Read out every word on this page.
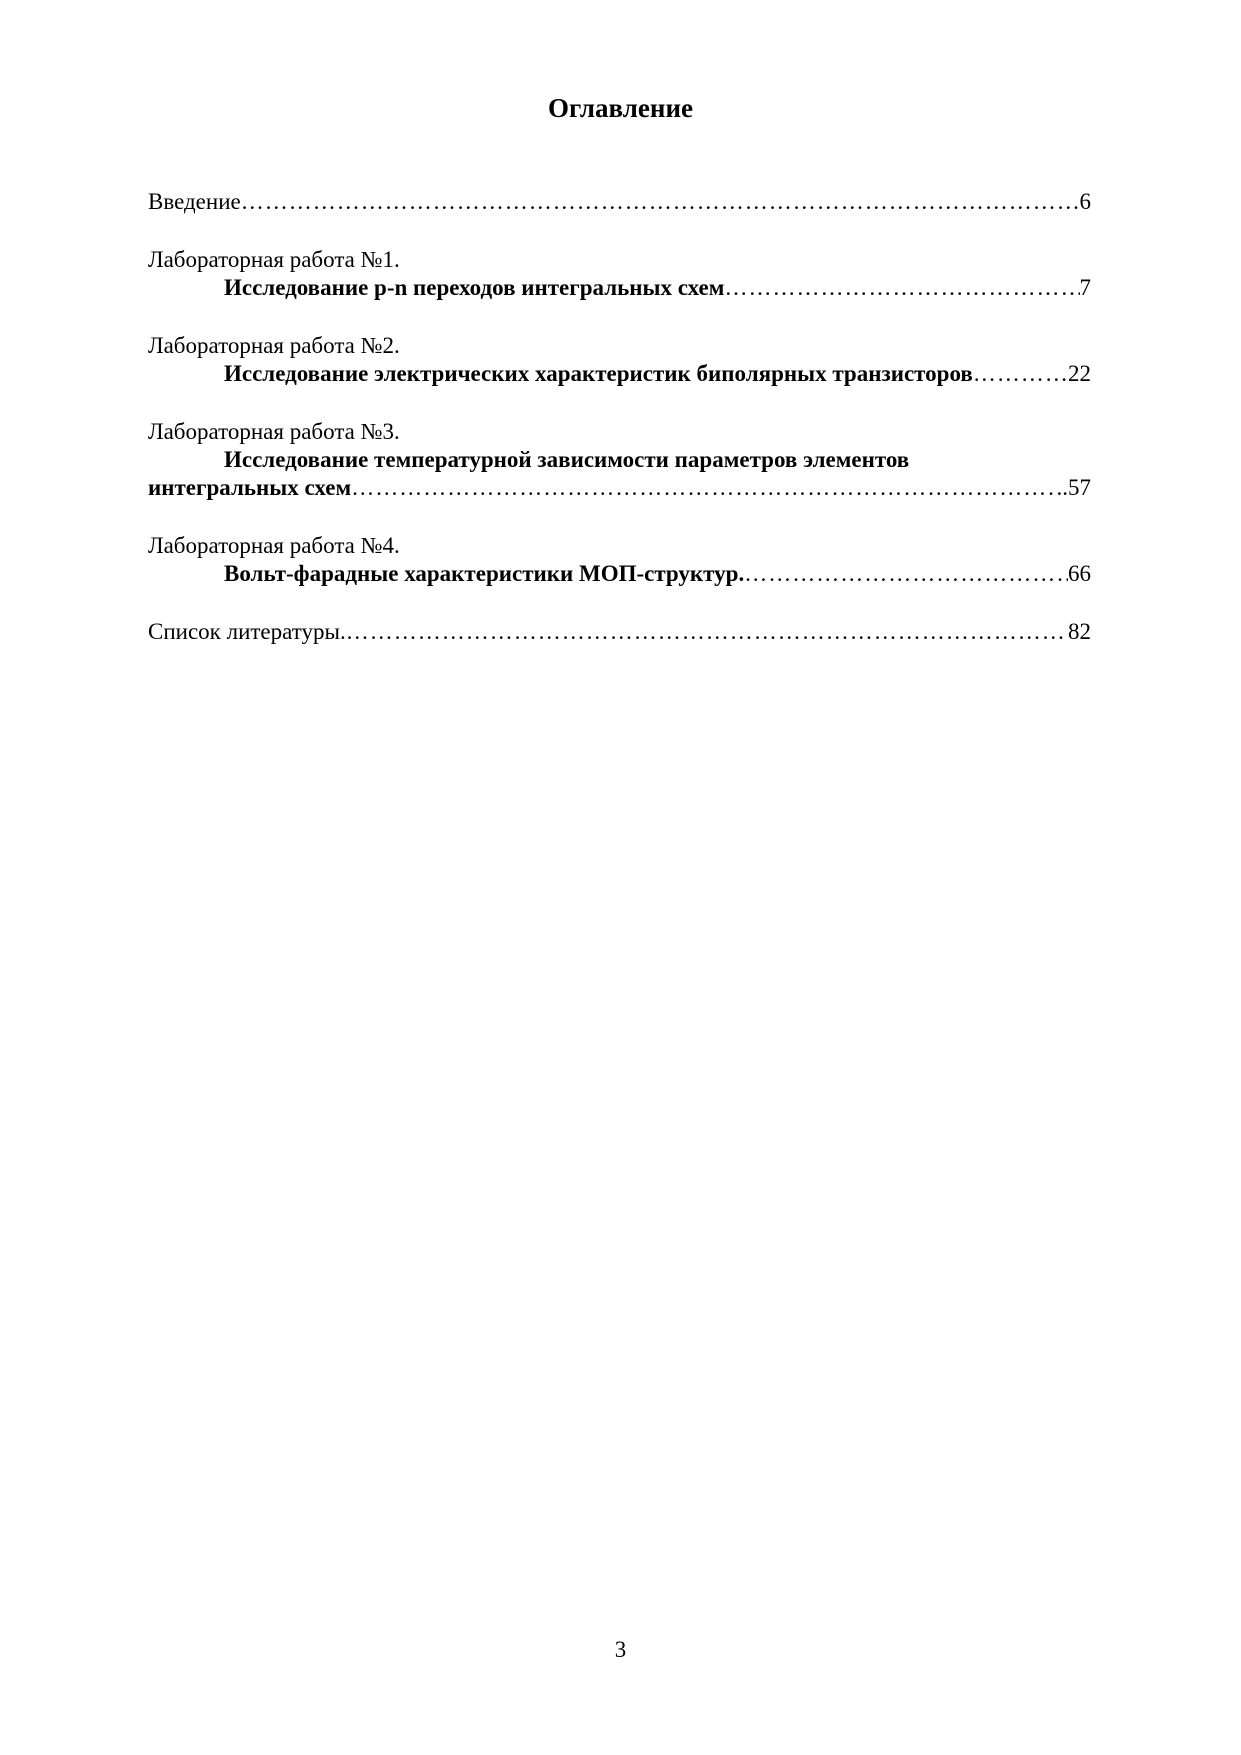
Оглавление
Введение …………………………………………………………………………………………………………………………………………………………	6
Лабораторная работа №1.
Исследование p-n переходов интегральных схем …………………………………………………………………………………………………………………………………………………………	7
Лабораторная работа №2.
Исследование электрических характеристик биполярных транзисторов …………………………………………………………………………………………………………………………………………………………	22
Лабораторная работа №3.
Исследование температурной зависимости параметров элементов
интегральных схем …………………………………………………………………………………………………………………………………………………………	..57
Лабораторная работа №4.
Вольт-фарадные характеристики МОП-структур. …………………………………………………………………………………………………………………………………………………………	66
Список литературы. …………………………………………………………………………………………………………………………………………………………	82
3
